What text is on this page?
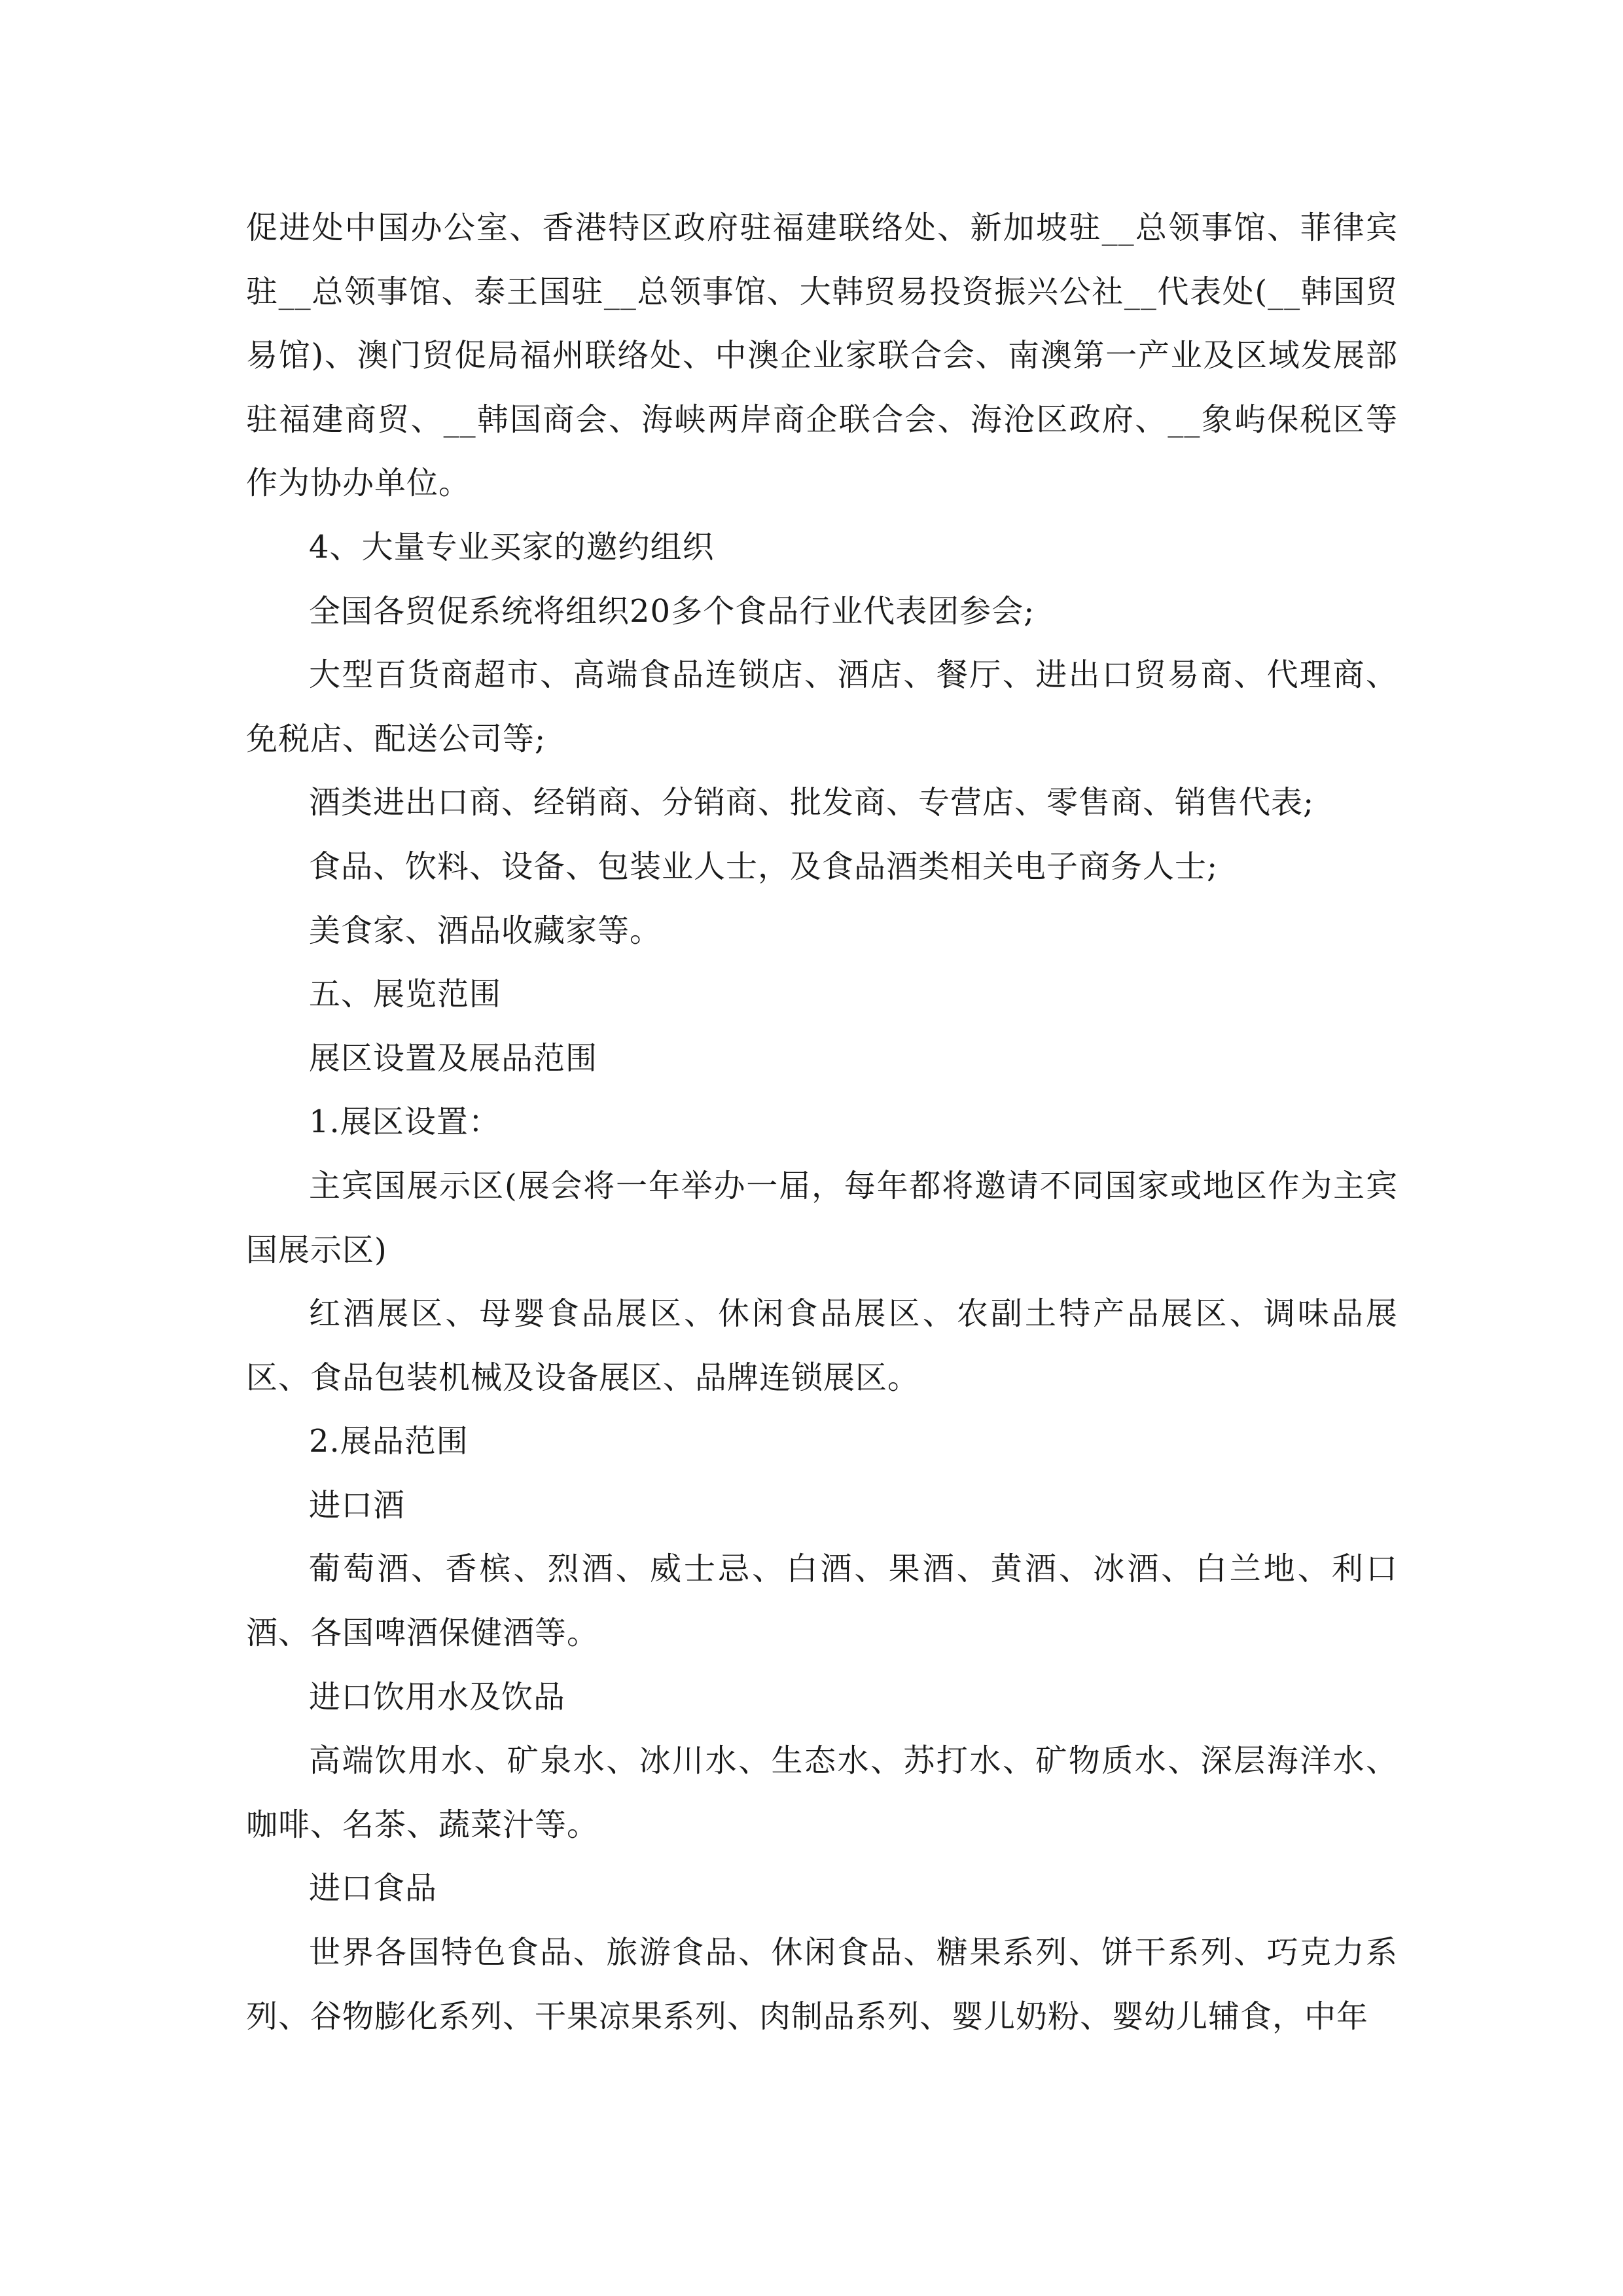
促进处中国办公室、香港特区政府驻福建联络处、新加坡驻__总领事馆、菲律宾驻__总领事馆、泰王国驻__总领事馆、大韩贸易投资振兴公社__代表处(__韩国贸易馆)、澳门贸促局福州联络处、中澳企业家联合会、南澳第一产业及区域发展部驻福建商贸、__韩国商会、海峡两岸商企联合会、海沧区政府、__象屿保税区等作为协办单位。

4、大量专业买家的邀约组织

全国各贸促系统将组织20多个食品行业代表团参会;

大型百货商超市、高端食品连锁店、酒店、餐厅、进出口贸易商、代理商、免税店、配送公司等;

酒类进出口商、经销商、分销商、批发商、专营店、零售商、销售代表;

食品、饮料、设备、包装业人士，及食品酒类相关电子商务人士;

美食家、酒品收藏家等。

五、展览范围

展区设置及展品范围

1.展区设置：

主宾国展示区(展会将一年举办一届，每年都将邀请不同国家或地区作为主宾国展示区)

红酒展区、母婴食品展区、休闲食品展区、农副土特产品展区、调味品展区、食品包装机械及设备展区、品牌连锁展区。

2.展品范围

进口酒

葡萄酒、香槟、烈酒、威士忌、白酒、果酒、黄酒、冰酒、白兰地、利口酒、各国啤酒保健酒等。

进口饮用水及饮品

高端饮用水、矿泉水、冰川水、生态水、苏打水、矿物质水、深层海洋水、咖啡、名茶、蔬菜汁等。

进口食品

世界各国特色食品、旅游食品、休闲食品、糖果系列、饼干系列、巧克力系列、谷物膨化系列、干果凉果系列、肉制品系列、婴儿奶粉、婴幼儿辅食，中年
